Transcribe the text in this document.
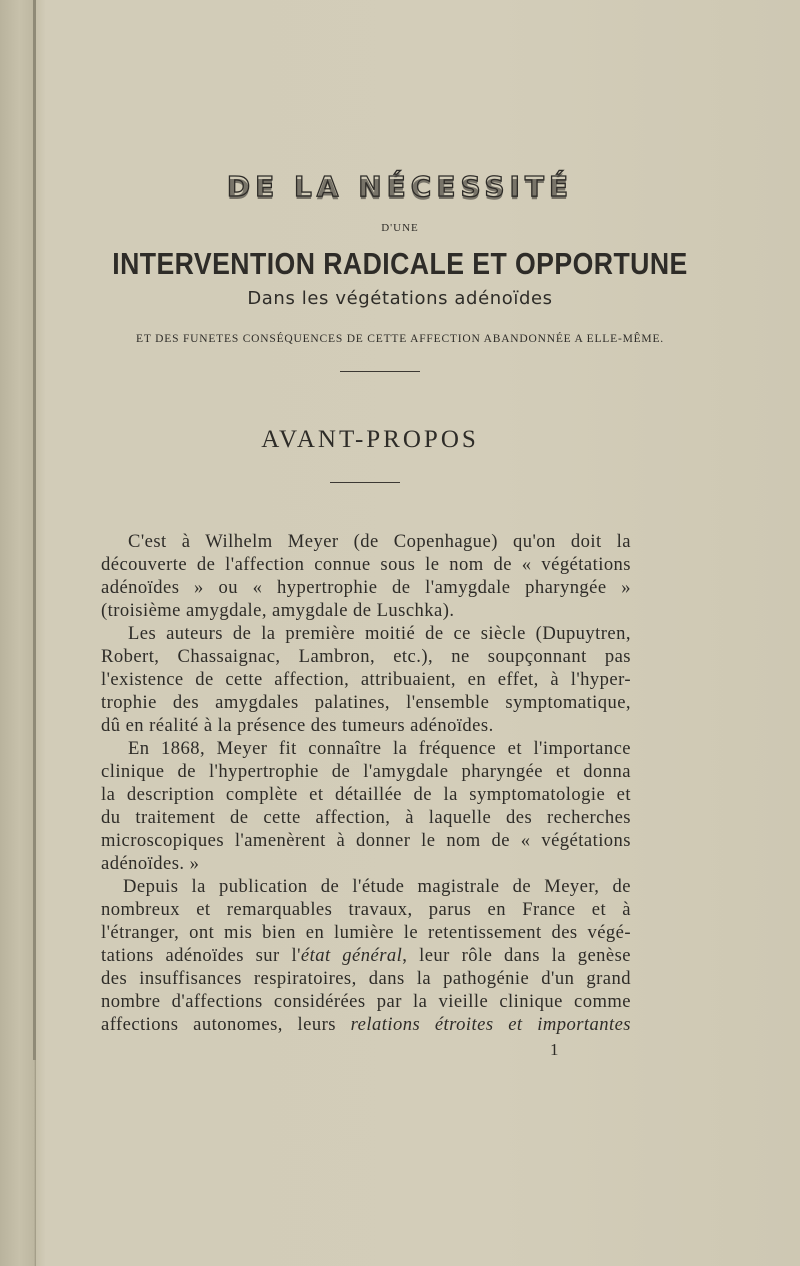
DE LA NÉCESSITÉ
D'UNE
INTERVENTION RADICALE ET OPPORTUNE
Dans les végétations adénoïdes
ET DES FUNETES CONSÉQUENCES DE CETTE AFFECTION ABANDONNÉE A ELLE-MÊME.
AVANT-PROPOS
C'est à Wilhelm Meyer (de Copenhague) qu'on doit la
découverte de l'affection connue sous le nom de « végétations
adénoïdes » ou « hypertrophie de l'amygdale pharyngée »
(troisième amygdale, amygdale de Luschka).
Les auteurs de la première moitié de ce siècle (Dupuytren,
Robert, Chassaignac, Lambron, etc.), ne soupçonnant pas
l'existence de cette affection, attribuaient, en effet, à l'hyper-
trophie des amygdales palatines, l'ensemble symptomatique,
dû en réalité à la présence des tumeurs adénoïdes.
En 1868, Meyer fit connaître la fréquence et l'importance
clinique de l'hypertrophie de l'amygdale pharyngée et donna
la description complète et détaillée de la symptomatologie et
du traitement de cette affection, à laquelle des recherches
microscopiques l'amenèrent à donner le nom de « végétations
adénoïdes. »
Depuis la publication de l'étude magistrale de Meyer, de
nombreux et remarquables travaux, parus en France et à
l'étranger, ont mis bien en lumière le retentissement des végé-
tations adénoïdes sur l'état général, leur rôle dans la genèse
des insuffisances respiratoires, dans la pathogénie d'un grand
nombre d'affections considérées par la vieille clinique comme
affections autonomes, leurs relations étroites et importantes
1
